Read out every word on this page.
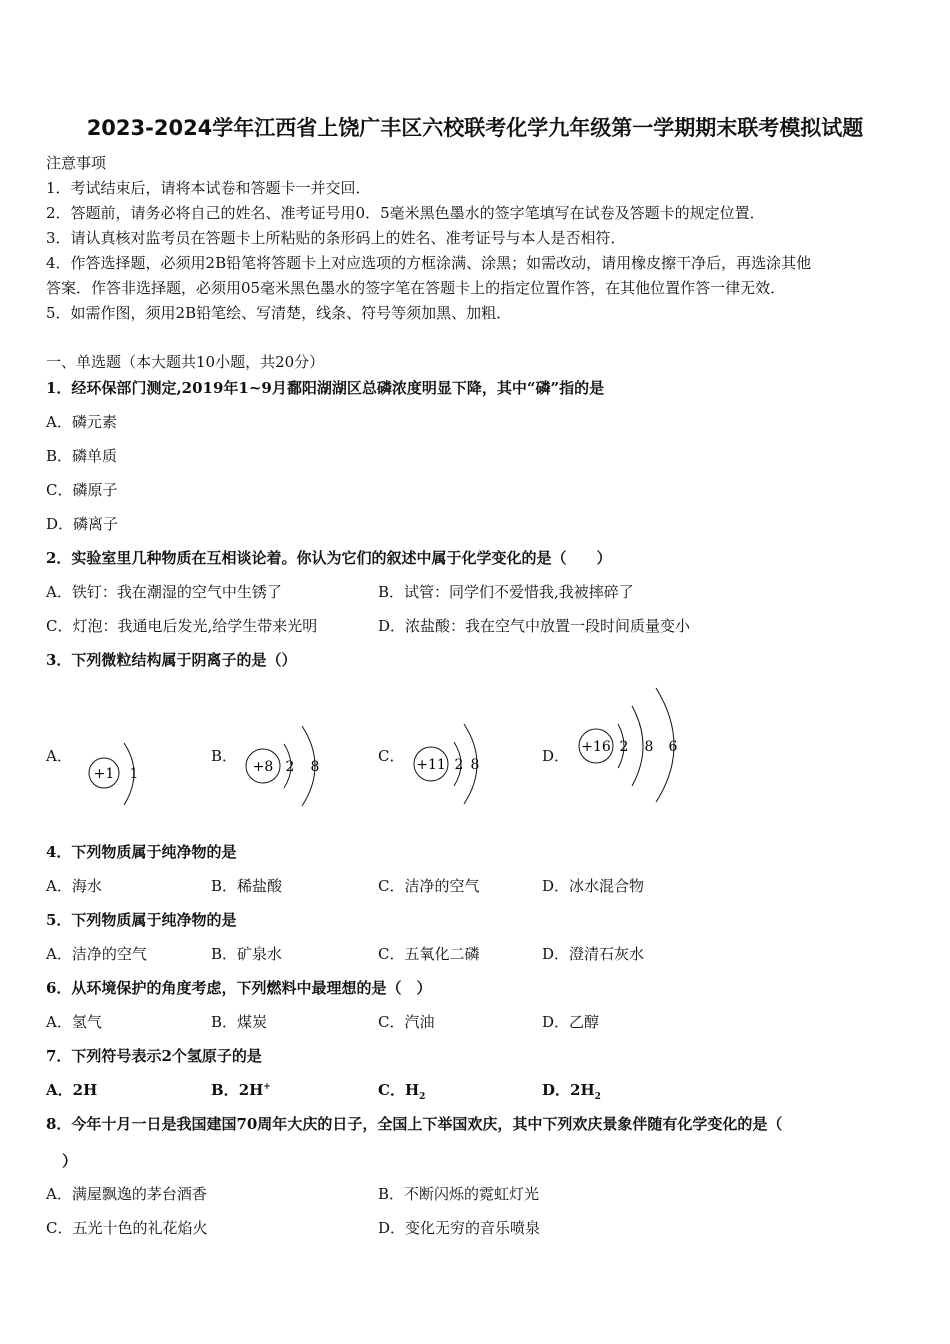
2023-2024学年江西省上饶广丰区六校联考化学九年级第一学期期末联考模拟试题
注意事项
1．考试结束后，请将本试卷和答题卡一并交回．
2．答题前，请务必将自己的姓名、准考证号用0．5毫米黑色墨水的签字笔填写在试卷及答题卡的规定位置．
3．请认真核对监考员在答题卡上所粘贴的条形码上的姓名、准考证号与本人是否相符．
4．作答选择题，必须用2B铅笔将答题卡上对应选项的方框涂满、涂黑；如需改动，请用橡皮擦干净后，再选涂其他
答案．作答非选择题，必须用05毫米黑色墨水的签字笔在答题卡上的指定位置作答，在其他位置作答一律无效．
5．如需作图，须用2B铅笔绘、写清楚，线条、符号等须加黑、加粗．
一、单选题（本大题共10小题，共20分）
1．经环保部门测定,2019年1~9月鄱阳湖湖区总磷浓度明显下降，其中“磷”指的是
A．磷元素
B．磷单质
C．磷原子
D．磷离子
2．实验室里几种物质在互相谈论着。你认为它们的叙述中属于化学变化的是（　　）
A．铁钉：我在潮湿的空气中生锈了	B．试管：同学们不爱惜我,我被摔碎了
C．灯泡：我通电后发光,给学生带来光明	D．浓盐酸：我在空气中放置一段时间质量变小
3．下列微粒结构属于阴离子的是（）
A．
+1 1
B．
+8 2 8
C． +11 2 8	D． +16 2 8 6
4．下列物质属于纯净物的是
A．海水	B．稀盐酸	C．洁净的空气	D．冰水混合物
5．下列物质属于纯净物的是
A．洁净的空气	B．矿泉水	C．五氧化二磷	D．澄清石灰水
6．从环境保护的角度考虑，下列燃料中最理想的是（　）
A．氢气	B．煤炭	C．汽油	D．乙醇
7．下列符号表示2个氢原子的是
A．2H	B．2H+	C．$H_2$	D．$2H_2$
8．今年十月一日是我国建国70周年大庆的日子，全国上下举国欢庆，其中下列欢庆景象伴随有化学变化的是（
）
A．满屋飘逸的茅台酒香	B．不断闪烁的霓虹灯光
C．五光十色的礼花焰火	D．变化无穷的音乐喷泉
